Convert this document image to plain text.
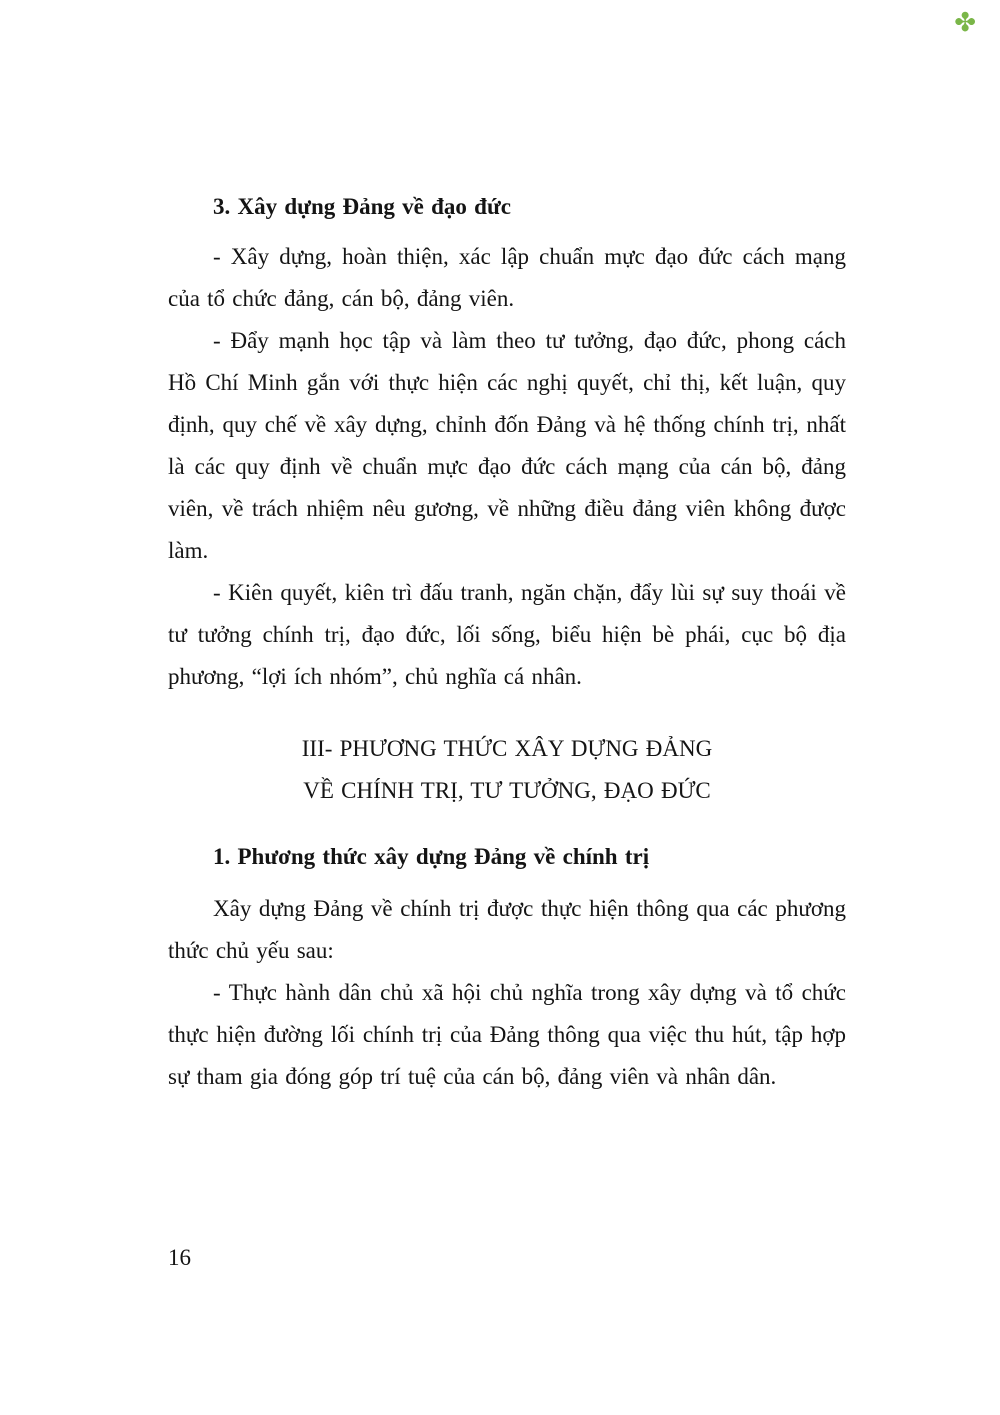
✤
3. Xây dựng Đảng về đạo đức

- Xây dựng, hoàn thiện, xác lập chuẩn mực đạo đức cách mạng của tổ chức đảng, cán bộ, đảng viên.

- Đẩy mạnh học tập và làm theo tư tưởng, đạo đức, phong cách Hồ Chí Minh gắn với thực hiện các nghị quyết, chỉ thị, kết luận, quy định, quy chế về xây dựng, chỉnh đốn Đảng và hệ thống chính trị, nhất là các quy định về chuẩn mực đạo đức cách mạng của cán bộ, đảng viên, về trách nhiệm nêu gương, về những điều đảng viên không được làm.

- Kiên quyết, kiên trì đấu tranh, ngăn chặn, đẩy lùi sự suy thoái về tư tưởng chính trị, đạo đức, lối sống, biểu hiện bè phái, cục bộ địa phương, “lợi ích nhóm”, chủ nghĩa cá nhân.

III- PHƯƠNG THỨC XÂY DỰNG ĐẢNG
VỀ CHÍNH TRỊ, TƯ TƯỞNG, ĐẠO ĐỨC
1. Phương thức xây dựng Đảng về chính trị

Xây dựng Đảng về chính trị được thực hiện thông qua các phương thức chủ yếu sau:

- Thực hành dân chủ xã hội chủ nghĩa trong xây dựng và tổ chức thực hiện đường lối chính trị của Đảng thông qua việc thu hút, tập hợp sự tham gia đóng góp trí tuệ của cán bộ, đảng viên và nhân dân.

16
